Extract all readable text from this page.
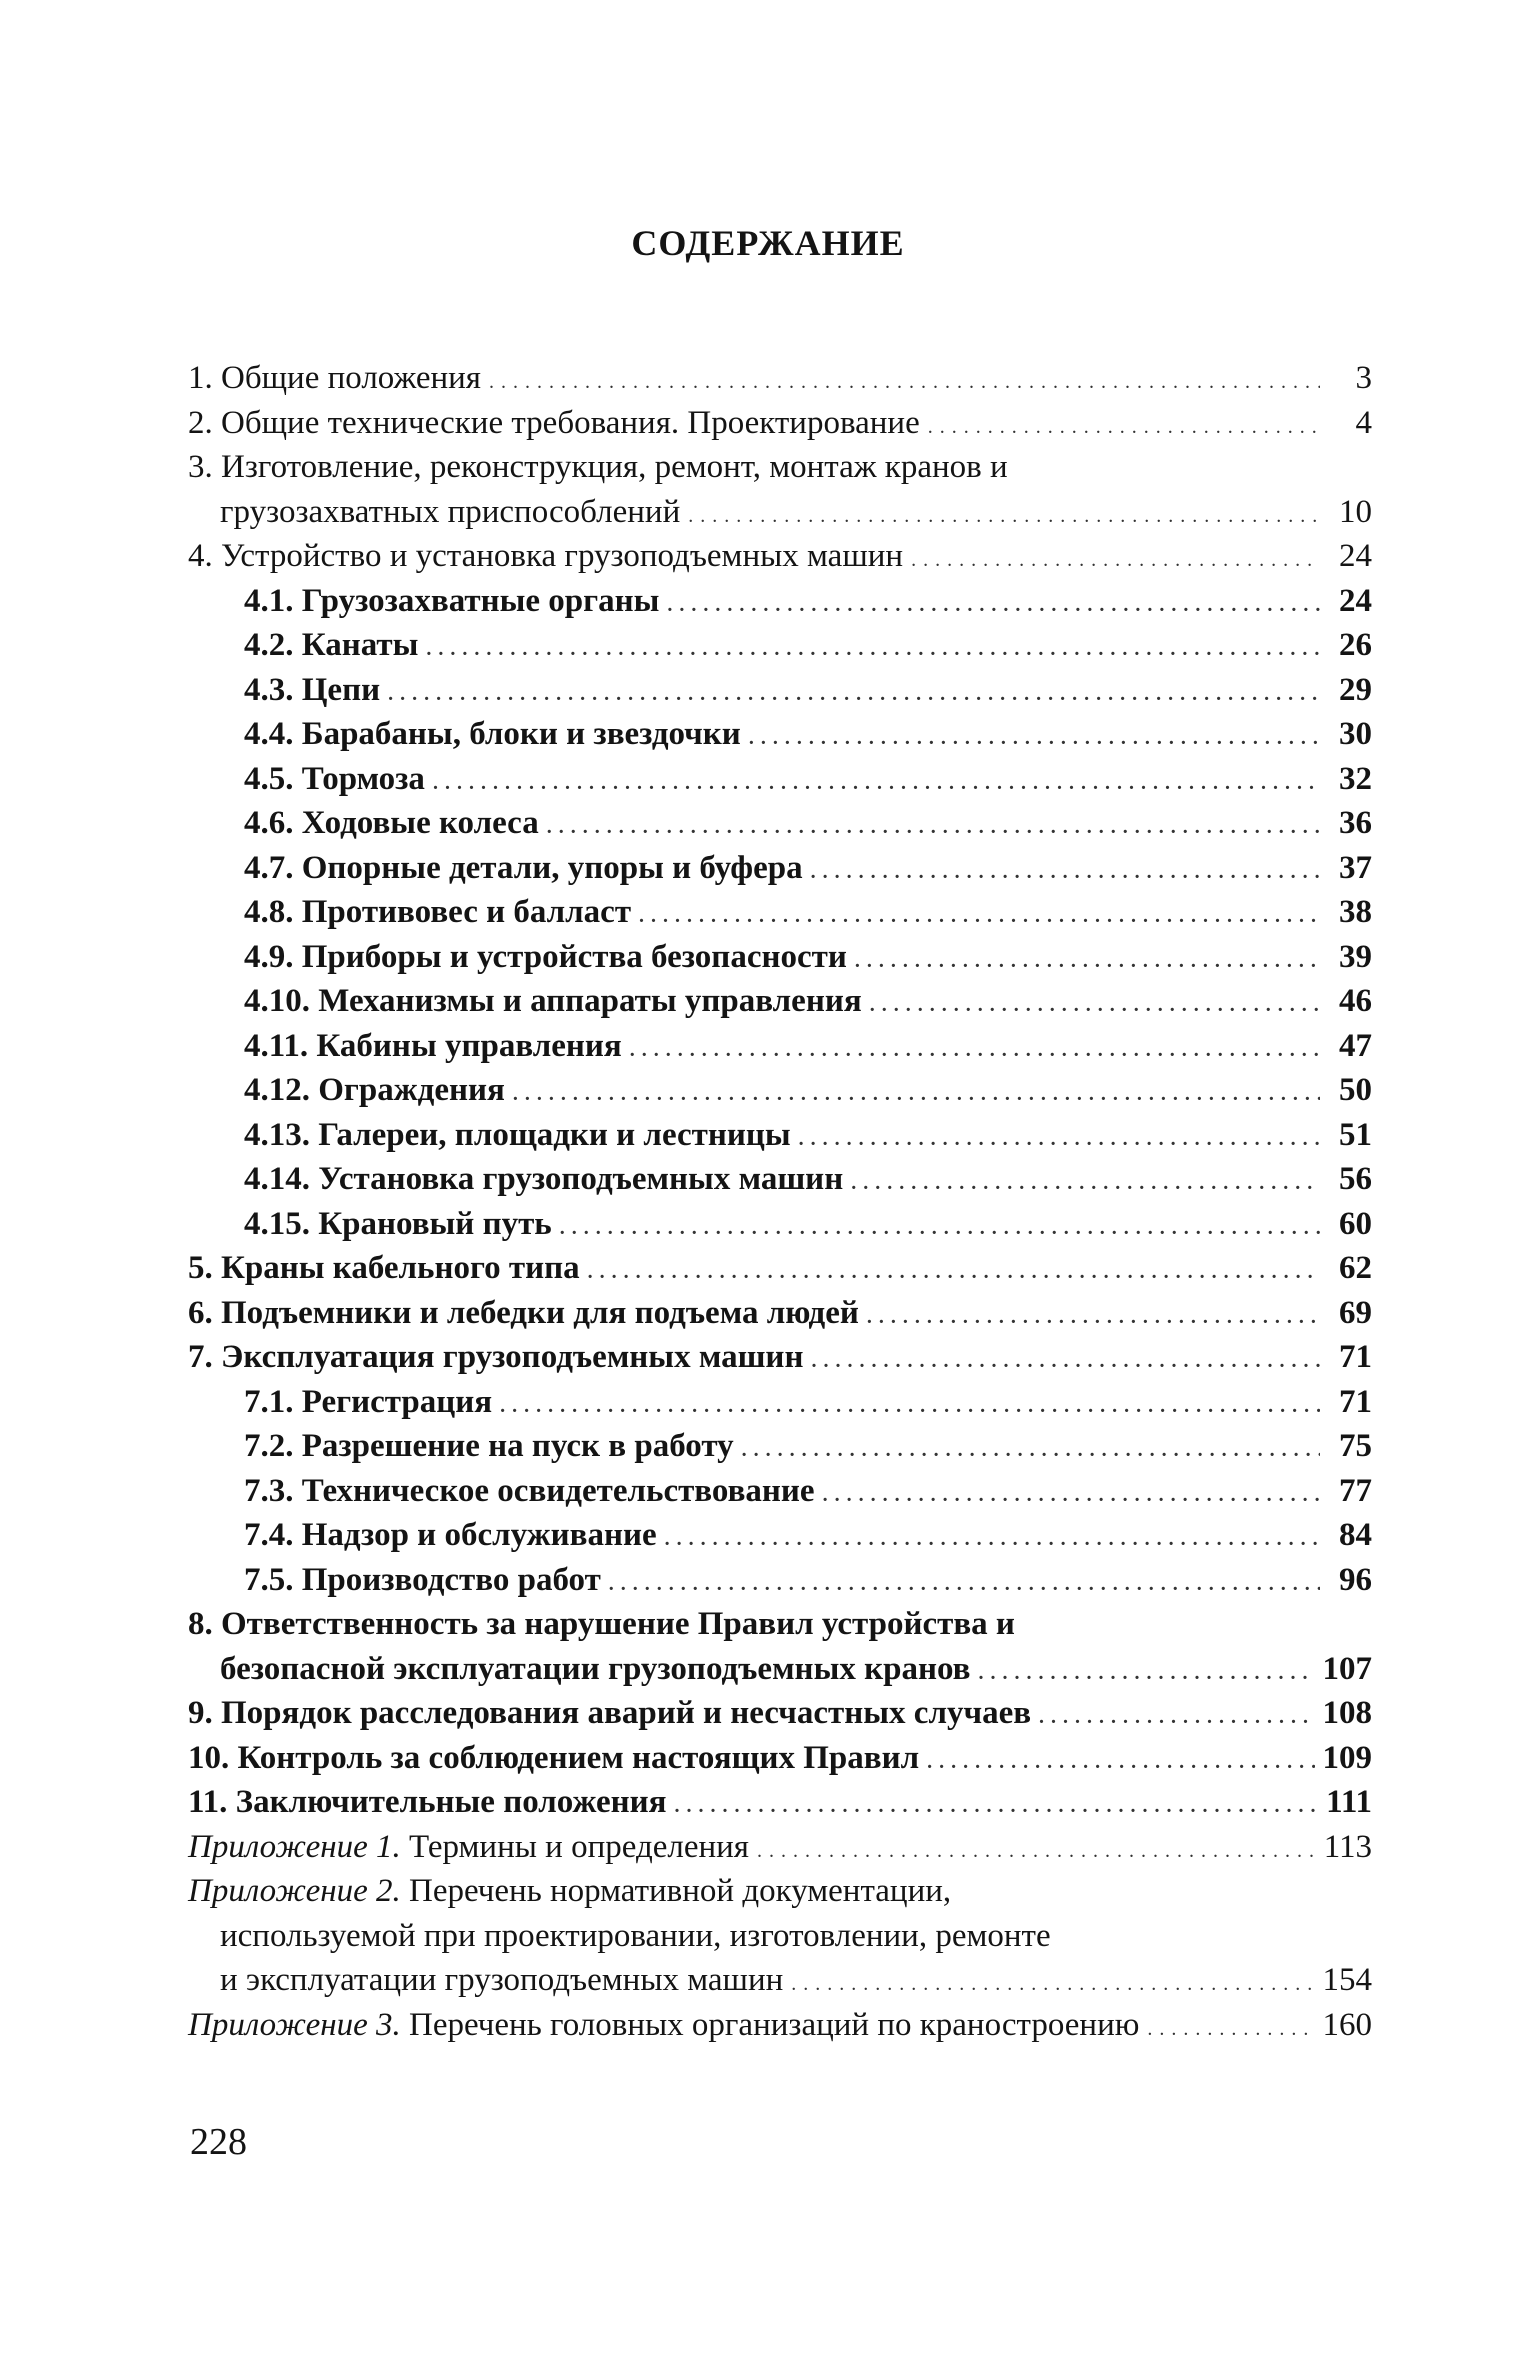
СОДЕРЖАНИЕ
1. Общие положения . . .	3
2. Общие технические требования. Проектирование . . .	4
3. Изготовление, реконструкция, ремонт, монтаж кранов и
грузозахватных приспособлений . . .	10
4. Устройство и установка грузоподъемных машин . . .	24
4.1. Грузозахватные органы . . .	24
4.2. Канаты . . .	26
4.3. Цепи . . .	29
4.4. Барабаны, блоки и звездочки . . .	30
4.5. Тормоза . . .	32
4.6. Ходовые колеса . . .	36
4.7. Опорные детали, упоры и буфера . . .	37
4.8. Противовес и балласт . . .	38
4.9. Приборы и устройства безопасности . . .	39
4.10. Механизмы и аппараты управления . . .	46
4.11. Кабины управления . . .	47
4.12. Ограждения . . .	50
4.13. Галереи, площадки и лестницы . . .	51
4.14. Установка грузоподъемных машин . . .	56
4.15. Крановый путь . . .	60
5. Краны кабельного типа . . .	62
6. Подъемники и лебедки для подъема людей . . .	69
7. Эксплуатация грузоподъемных машин . . .	71
7.1. Регистрация . . .	71
7.2. Разрешение на пуск в работу . . .	75
7.3. Техническое освидетельствование . . .	77
7.4. Надзор и обслуживание . . .	84
7.5. Производство работ . . .	96
8. Ответственность за нарушение Правил устройства и
безопасной эксплуатации грузоподъемных кранов . . .	107
9. Порядок расследования аварий и несчастных случаев . . .	108
10. Контроль за соблюдением настоящих Правил . . .	109
11. Заключительные положения . . .	111
Приложение 1. Термины и определения . . .	113
Приложение 2. Перечень нормативной документации,
используемой при проектировании, изготовлении, ремонте
и эксплуатации грузоподъемных машин . . .	154
Приложение 3. Перечень головных организаций по краностроению . . .	160
228
